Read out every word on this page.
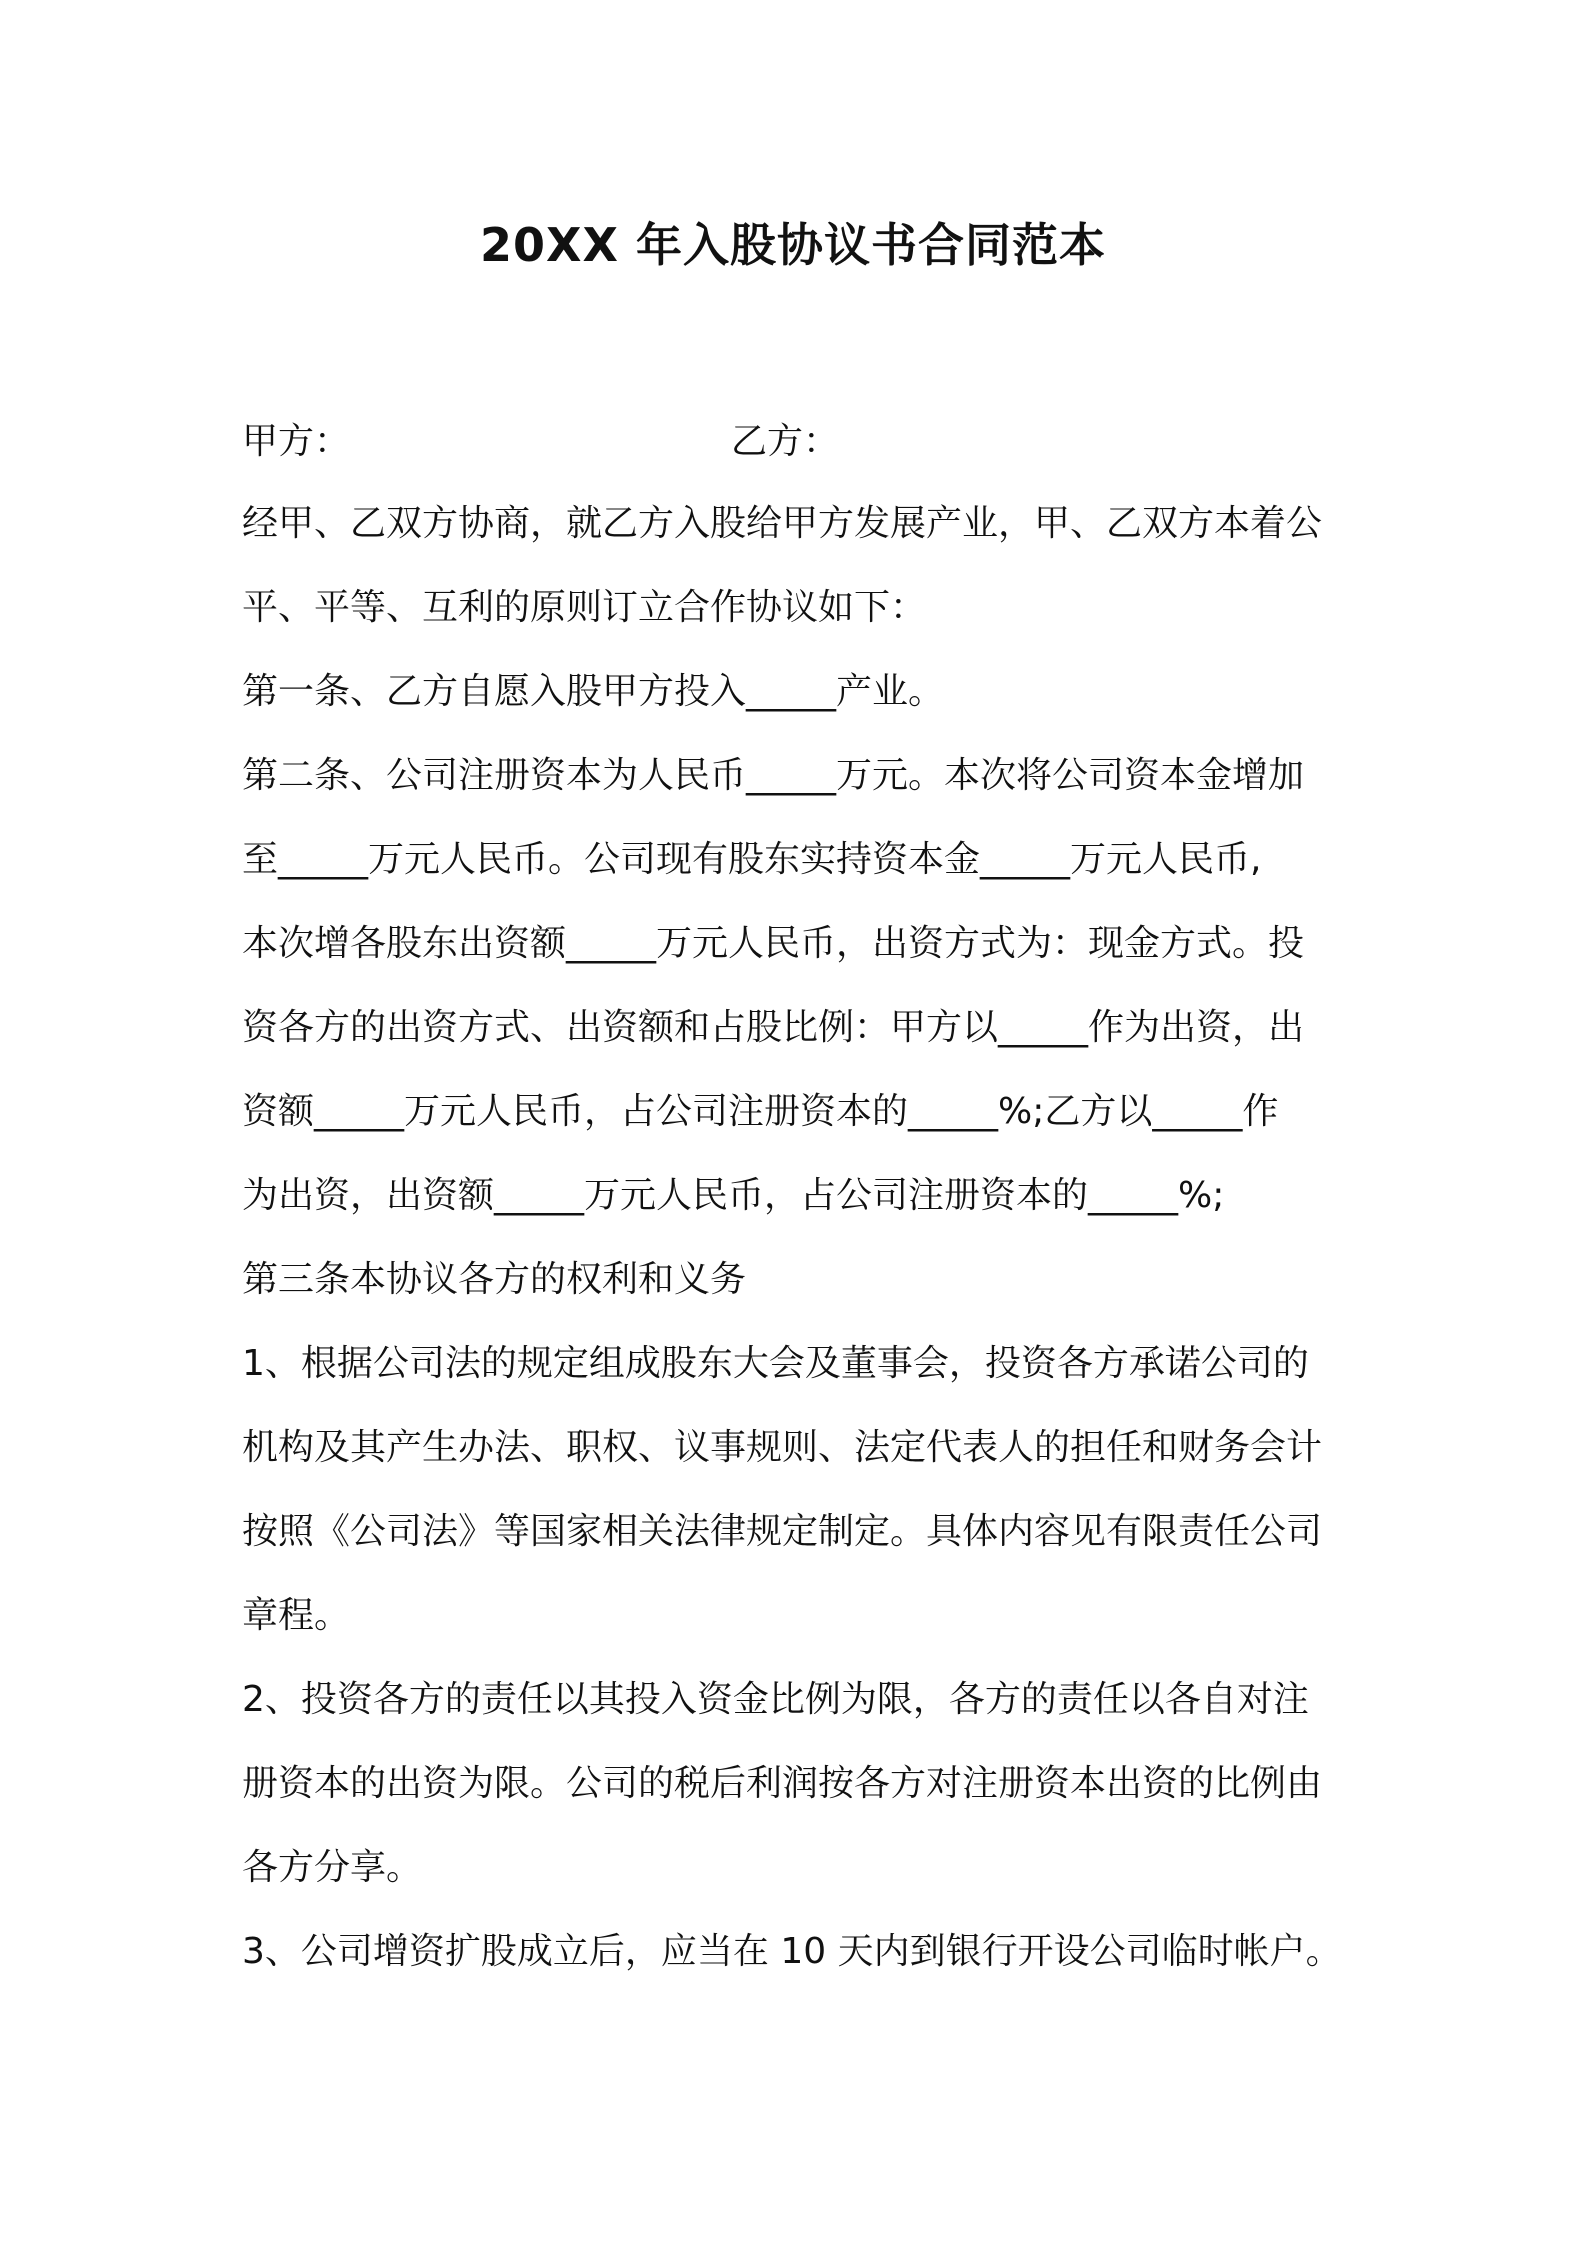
20XX 年入股协议书合同范本
甲方：	乙方：
经甲、乙双方协商，就乙方入股给甲方发展产业，甲、乙双方本着公
平、平等、互利的原则订立合作协议如下：
第一条、乙方自愿入股甲方投入_____产业。
第二条、公司注册资本为人民币_____万元。本次将公司资本金增加
至_____万元人民币。公司现有股东实持资本金_____万元人民币,
本次增各股东出资额_____万元人民币，出资方式为：现金方式。投
资各方的出资方式、出资额和占股比例：甲方以_____作为出资，出
资额_____万元人民币，占公司注册资本的_____%;乙方以_____作
为出资，出资额_____万元人民币，占公司注册资本的_____%;
第三条本协议各方的权利和义务
1、根据公司法的规定组成股东大会及董事会，投资各方承诺公司的
机构及其产生办法、职权、议事规则、法定代表人的担任和财务会计
按照《公司法》等国家相关法律规定制定。具体内容见有限责任公司
章程。
2、投资各方的责任以其投入资金比例为限，各方的责任以各自对注
册资本的出资为限。公司的税后利润按各方对注册资本出资的比例由
各方分享。
3、公司增资扩股成立后，应当在 10 天内到银行开设公司临时帐户。
